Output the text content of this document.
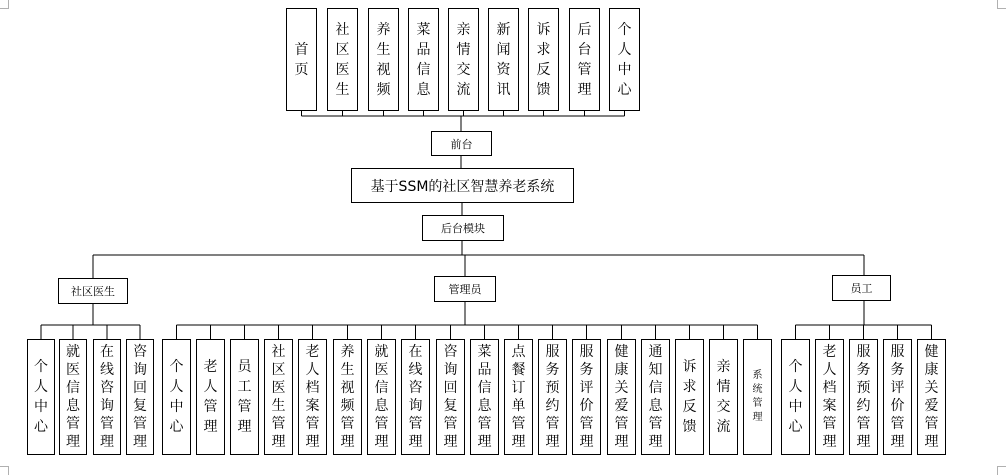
首
页
社
区
医
生
养
生
视
频
菜
品
信
息
亲
情
交
流
新
闻
资
讯
诉
求
反
馈
后
台
管
理
个
人
中
心
前台
基于SSM的社区智慧养老系统
后台模块
社区医生	管理员	员工
个
人
中
心
就
医
信
息
管
理
在
线
咨
询
管
理
咨
询
回
复
管
理
个
人
中
心
老
人
管
理
员
工
管
理
社
区
医
生
管
理
老
人
档
案
管
理
养
生
视
频
管
理
就
医
信
息
管
理
在
线
咨
询
管
理
咨
询
回
复
管
理
菜
品
信
息
管
理
点
餐
订
单
管
理
服
务
预
约
管
理
服
务
评
价
管
理
健
康
关
爱
管
理
通
知
信
息
管
理
诉
求
反
馈
亲
情
交
流
系
统
管
理
个
人
中
心
老
人
档
案
管
理
服
务
预
约
管
理
服
务
评
价
管
理
健
康
关
爱
管
理
